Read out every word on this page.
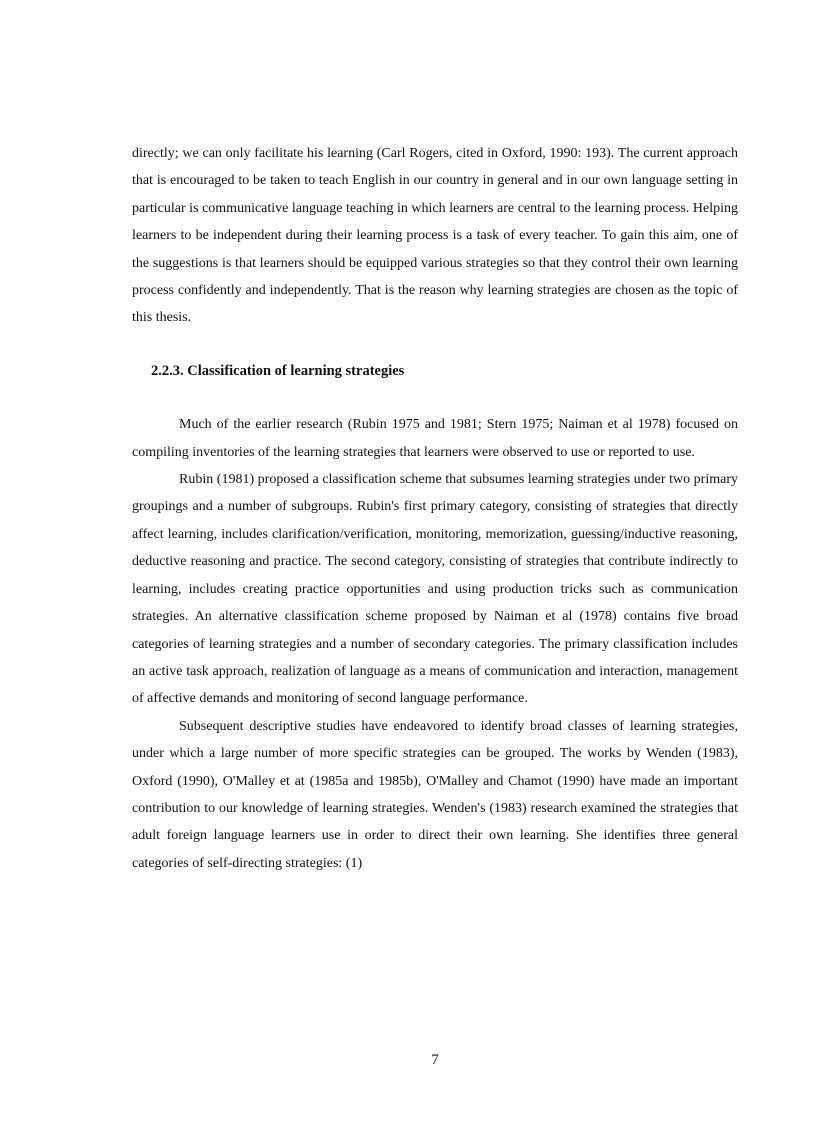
directly; we can only facilitate his learning (Carl Rogers, cited in Oxford, 1990: 193). The current approach that is encouraged to be taken to teach English in our country in general and in our own language setting in particular is communicative language teaching in which learners are central to the learning process. Helping learners to be independent during their learning process is a task of every teacher. To gain this aim, one of the suggestions is that learners should be equipped various strategies so that they control their own learning process confidently and independently. That is the reason why learning strategies are chosen as the topic of this thesis.

2.2.3. Classification of learning strategies

Much of the earlier research (Rubin 1975 and 1981; Stern 1975; Naiman et al 1978) focused on compiling inventories of the learning strategies that learners were observed to use or reported to use.

Rubin (1981) proposed a classification scheme that subsumes learning strategies under two primary groupings and a number of subgroups. Rubin's first primary category, consisting of strategies that directly affect learning, includes clarification/verification, monitoring, memorization, guessing/inductive reasoning, deductive reasoning and practice. The second category, consisting of strategies that contribute indirectly to learning, includes creating practice opportunities and using production tricks such as communication strategies. An alternative classification scheme proposed by Naiman et al (1978) contains five broad categories of learning strategies and a number of secondary categories. The primary classification includes an active task approach, realization of language as a means of communication and interaction, management of affective demands and monitoring of second language performance.

Subsequent descriptive studies have endeavored to identify broad classes of learning strategies, under which a large number of more specific strategies can be grouped. The works by Wenden (1983), Oxford (1990), O'Malley et at (1985a and 1985b), O'Malley and Chamot (1990) have made an important contribution to our knowledge of learning strategies. Wenden's (1983) research examined the strategies that adult foreign language learners use in order to direct their own learning. She identifies three general categories of self-directing strategies: (1)

7
